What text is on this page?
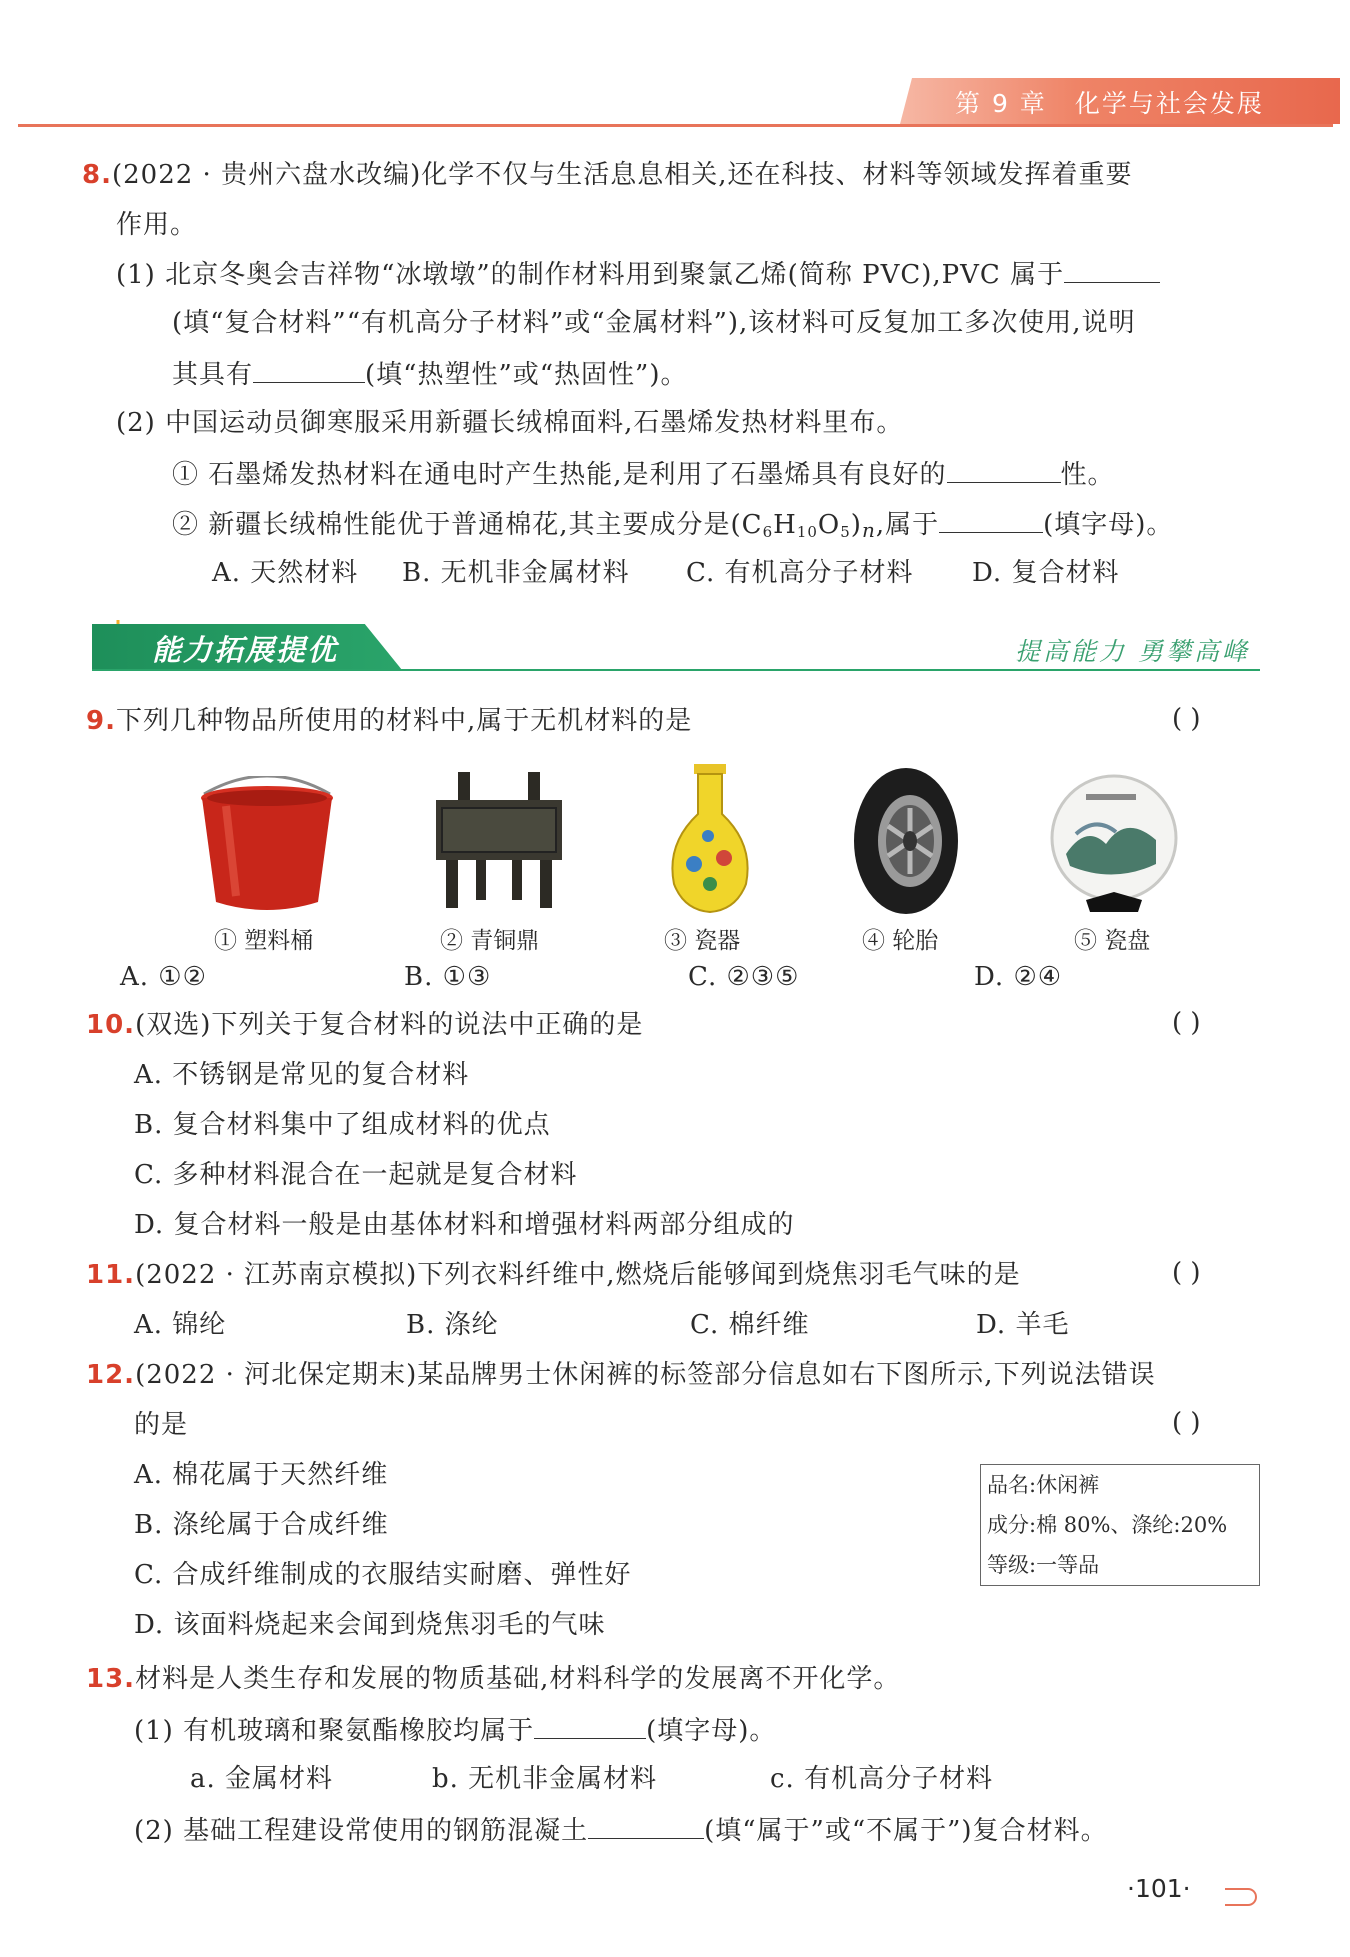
第 9 章 化学与社会发展
8.(2022 · 贵州六盘水改编)化学不仅与生活息息相关,还在科技、材料等领域发挥着重要
作用。
(1) 北京冬奥会吉祥物“冰墩墩”的制作材料用到聚氯乙烯(简称 PVC),PVC 属于
(填“复合材料”“有机高分子材料”或“金属材料”),该材料可反复加工多次使用,说明
其具有	(填“热塑性”或“热固性”)。
(2) 中国运动员御寒服采用新疆长绒棉面料,石墨烯发热材料里布。
① 石墨烯发热材料在通电时产生热能,是利用了石墨烯具有良好的	性。
② 新疆长绒棉性能优于普通棉花,其主要成分是$(C_6H_{10}O_5)n$,属于	(填字母)。
A. 天然材料 B. 无机非金属材料 C. 有机高分子材料 D. 复合材料
能力拓展提优	提高能力 勇攀高峰
9.下列几种物品所使用的材料中,属于无机材料的是	( )
① 塑料桶	② 青铜鼎	③ 瓷器	④ 轮胎	⑤ 瓷盘
A. ①②	B. ①③	C. ②③⑤	D. ②④
10.(双选)下列关于复合材料的说法中正确的是	( )
A. 不锈钢是常见的复合材料
B. 复合材料集中了组成材料的优点
C. 多种材料混合在一起就是复合材料
D. 复合材料一般是由基体材料和增强材料两部分组成的
11.(2022 · 江苏南京模拟)下列衣料纤维中,燃烧后能够闻到烧焦羽毛气味的是	( )
A. 锦纶	B. 涤纶	C. 棉纤维	D. 羊毛
12.(2022 · 河北保定期末)某品牌男士休闲裤的标签部分信息如右下图所示,下列说法错误
的是	( )
A. 棉花属于天然纤维
B. 涤纶属于合成纤维
C. 合成纤维制成的衣服结实耐磨、弹性好
D. 该面料烧起来会闻到烧焦羽毛的气味
品名:休闲裤
成分:棉 80%、涤纶:20%
等级:一等品
13.材料是人类生存和发展的物质基础,材料科学的发展离不开化学。
(1) 有机玻璃和聚氨酯橡胶均属于	(填字母)。
a. 金属材料	b. 无机非金属材料	c. 有机高分子材料
(2) 基础工程建设常使用的钢筋混凝土	(填“属于”或“不属于”)复合材料。
·101·
